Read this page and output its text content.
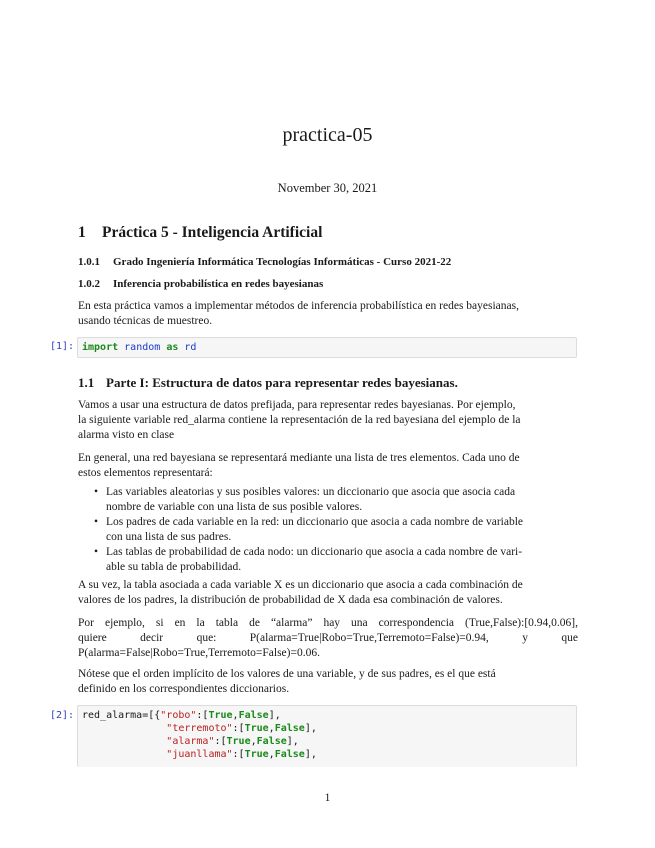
practica-05
November 30, 2021
1 Práctica 5 - Inteligencia Artificial
1.0.1 Grado Ingeniería Informática Tecnologías Informáticas - Curso 2021-22
1.0.2 Inferencia probabilística en redes bayesianas
En esta práctica vamos a implementar métodos de inferencia probabilística en redes bayesianas,
usando técnicas de muestreo.
[1]: import random as rd
1.1 Parte I: Estructura de datos para representar redes bayesianas.
Vamos a usar una estructura de datos prefijada, para representar redes bayesianas. Por ejemplo,
la siguiente variable red_alarma contiene la representación de la red bayesiana del ejemplo de la
alarma visto en clase
En general, una red bayesiana se representará mediante una lista de tres elementos. Cada uno de
estos elementos representará:
• Las variables aleatorias y sus posibles valores: un diccionario que asocia que asocia cada
nombre de variable con una lista de sus posible valores.
• Los padres de cada variable en la red: un diccionario que asocia a cada nombre de variable
con una lista de sus padres.
• Las tablas de probabilidad de cada nodo: un diccionario que asocia a cada nombre de vari-
able su tabla de probabilidad.
A su vez, la tabla asociada a cada variable X es un diccionario que asocia a cada combinación de
valores de los padres, la distribución de probabilidad de X dada esa combinación de valores.
Por ejemplo, si en la tabla de “alarma” hay una correspondencia (True,False):[0.94,0.06],
quiere decir que: P(alarma=True|Robo=True,Terremoto=False)=0.94, y que
P(alarma=False|Robo=True,Terremoto=False)=0.06.
Nótese que el orden implícito de los valores de una variable, y de sus padres, es el que está
definido en los correspondientes diccionarios.
[2]: red_alarma=[{"robo":[True,False],
"terremoto":[True,False],
"alarma":[True,False],
"juanllama":[True,False],
1
